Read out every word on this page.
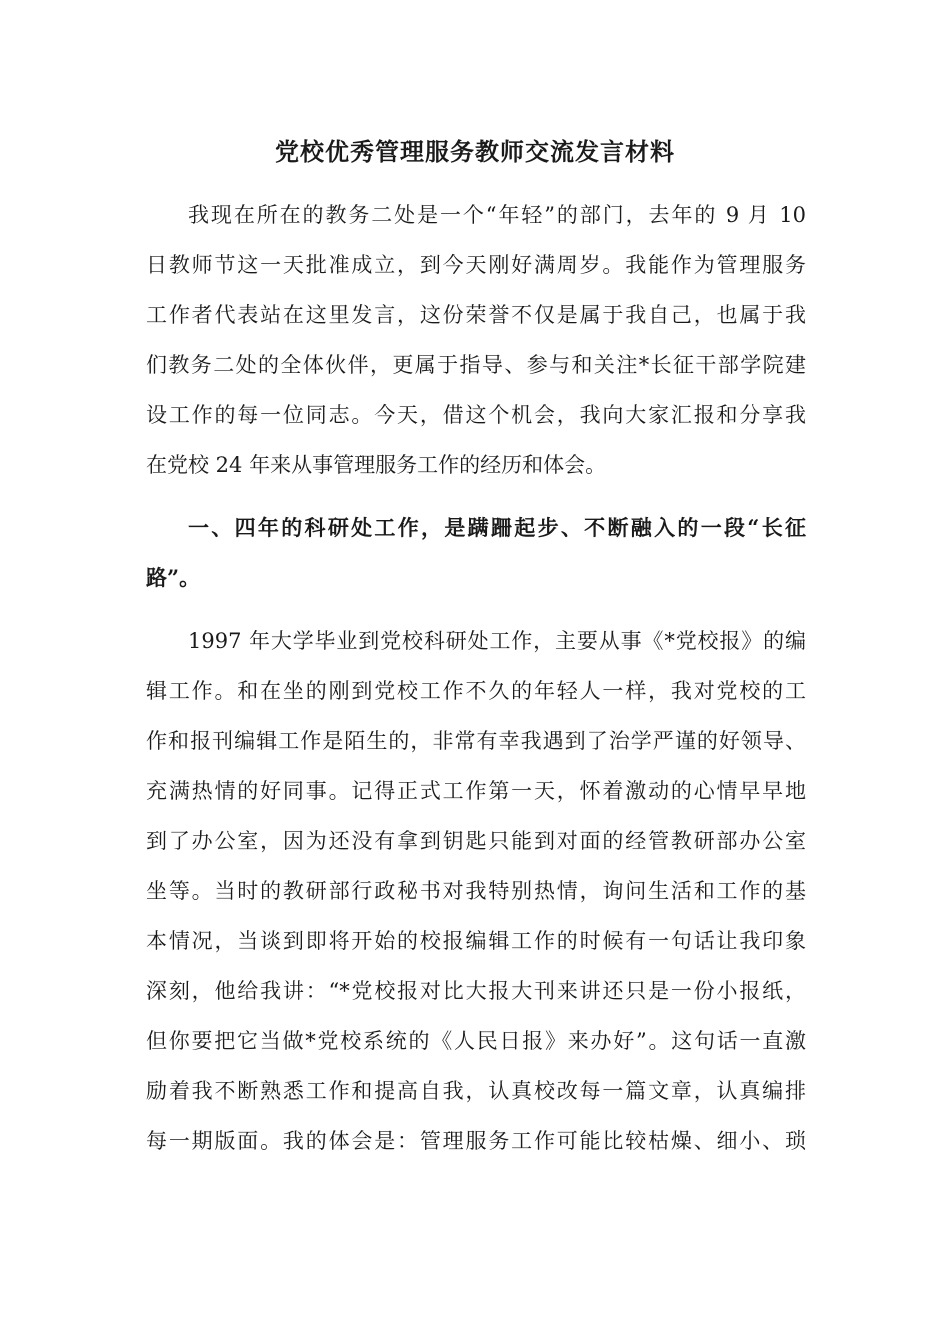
党校优秀管理服务教师交流发言材料
我现在所在的教务二处是一个“年轻”的部门，去年的 9 月 10
日教师节这一天批准成立，到今天刚好满周岁。我能作为管理服务
工作者代表站在这里发言，这份荣誉不仅是属于我自己，也属于我
们教务二处的全体伙伴，更属于指导、参与和关注*长征干部学院建
设工作的每一位同志。今天，借这个机会，我向大家汇报和分享我
在党校 24 年来从事管理服务工作的经历和体会。
一、四年的科研处工作，是蹒跚起步、不断融入的一段“长征
路”。
1997 年大学毕业到党校科研处工作，主要从事《*党校报》的编
辑工作。和在坐的刚到党校工作不久的年轻人一样，我对党校的工
作和报刊编辑工作是陌生的，非常有幸我遇到了治学严谨的好领导、
充满热情的好同事。记得正式工作第一天，怀着激动的心情早早地
到了办公室，因为还没有拿到钥匙只能到对面的经管教研部办公室
坐等。当时的教研部行政秘书对我特别热情，询问生活和工作的基
本情况，当谈到即将开始的校报编辑工作的时候有一句话让我印象
深刻，他给我讲：“*党校报对比大报大刊来讲还只是一份小报纸，
但你要把它当做*党校系统的《人民日报》来办好”。这句话一直激
励着我不断熟悉工作和提高自我，认真校改每一篇文章，认真编排
每一期版面。我的体会是：管理服务工作可能比较枯燥、细小、琐
